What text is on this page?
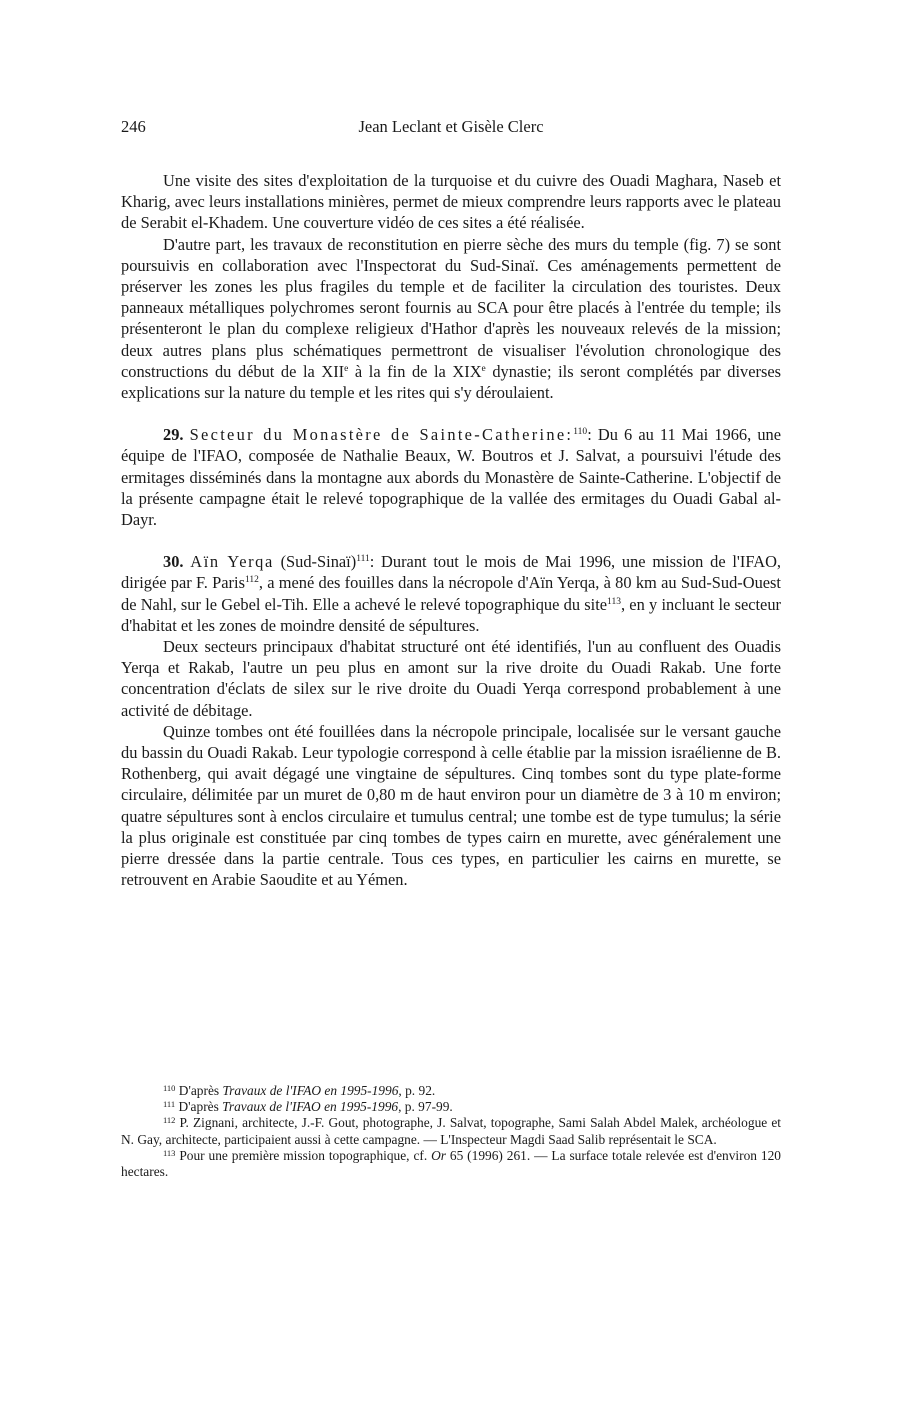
246	Jean Leclant et Gisèle Clerc

Une visite des sites d'exploitation de la turquoise et du cuivre des Ouadi Maghara, Naseb et Kharig, avec leurs installations minières, permet de mieux comprendre leurs rapports avec le plateau de Serabit el-Khadem. Une couverture vidéo de ces sites a été réalisée.

D'autre part, les travaux de reconstitution en pierre sèche des murs du temple (fig. 7) se sont poursuivis en collaboration avec l'Inspectorat du Sud-Sinaï. Ces aménagements permettent de préserver les zones les plus fragiles du temple et de faciliter la circulation des touristes. Deux panneaux métalliques polychromes seront fournis au SCA pour être placés à l'entrée du temple; ils présenteront le plan du complexe religieux d'Hathor d'après les nouveaux relevés de la mission; deux autres plans plus schématiques permettront de visualiser l'évolution chronologique des constructions du début de la XIIe à la fin de la XIXe dynastie; ils seront complétés par diverses explications sur la nature du temple et les rites qui s'y déroulaient.

29. Secteur du Monastère de Sainte-Catherine:$^{110}$: Du 6 au 11 Mai 1966, une équipe de l'IFAO, composée de Nathalie Beaux, W. Boutros et J. Salvat, a poursuivi l'étude des ermitages disséminés dans la montagne aux abords du Monastère de Sainte-Catherine. L'objectif de la présente campagne était le relevé topographique de la vallée des ermitages du Ouadi Gabal al-Dayr.

30. Aïn Yerqa (Sud-Sinaï)$^{111}$: Durant tout le mois de Mai 1996, une mission de l'IFAO, dirigée par F. Paris$^{112}$, a mené des fouilles dans la nécropole d'Aïn Yerqa, à 80 km au Sud-Sud-Ouest de Nahl, sur le Gebel el-Tih. Elle a achevé le relevé topographique du site$^{113}$, en y incluant le secteur d'habitat et les zones de moindre densité de sépultures.

Deux secteurs principaux d'habitat structuré ont été identifiés, l'un au confluent des Ouadis Yerqa et Rakab, l'autre un peu plus en amont sur la rive droite du Ouadi Rakab. Une forte concentration d'éclats de silex sur le rive droite du Ouadi Yerqa correspond probablement à une activité de débitage.

Quinze tombes ont été fouillées dans la nécropole principale, localisée sur le versant gauche du bassin du Ouadi Rakab. Leur typologie correspond à celle établie par la mission israélienne de B. Rothenberg, qui avait dégagé une vingtaine de sépultures. Cinq tombes sont du type plate-forme circulaire, délimitée par un muret de 0,80 m de haut environ pour un diamètre de 3 à 10 m environ; quatre sépultures sont à enclos circulaire et tumulus central; une tombe est de type tumulus; la série la plus originale est constituée par cinq tombes de types cairn en murette, avec généralement une pierre dressée dans la partie centrale. Tous ces types, en particulier les cairns en murette, se retrouvent en Arabie Saoudite et au Yémen.

$^{110}$ D'après Travaux de l'IFAO en 1995-1996, p. 92.

$^{111}$ D'après Travaux de l'IFAO en 1995-1996, p. 97-99.

$^{112}$ P. Zignani, architecte, J.-F. Gout, photographe, J. Salvat, topographe, Sami Salah Abdel Malek, archéologue et N. Gay, architecte, participaient aussi à cette campagne. — L'Inspecteur Magdi Saad Salib représentait le SCA.

$^{113}$ Pour une première mission topographique, cf. Or 65 (1996) 261. — La surface totale relevée est d'environ 120 hectares.
